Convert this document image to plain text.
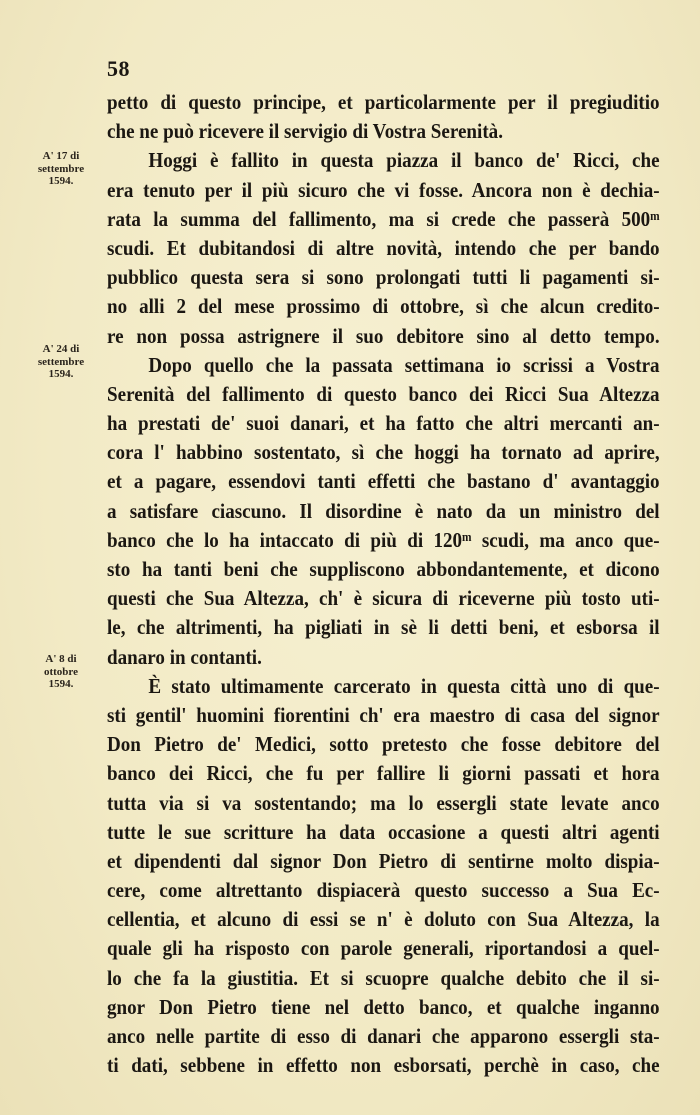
58
A' 17 di
settembre
1594.
A' 24 di
settembre
1594.
A' 8 di
ottobre
1594.
petto di questo principe, et particolarmente per il pregiuditio
che ne può ricevere il servigio di Vostra Serenità.
Hoggi è fallito in questa piazza il banco de' Ricci, che
era tenuto per il più sicuro che vi fosse. Ancora non è dechia-
rata la summa del fallimento, ma si crede che passerà 500ᵐ
scudi. Et dubitandosi di altre novità, intendo che per bando
pubblico questa sera si sono prolongati tutti li pagamenti si-
no alli 2 del mese prossimo di ottobre, sì che alcun credito-
re non possa astrignere il suo debitore sino al detto tempo.
Dopo quello che la passata settimana io scrissi a Vostra
Serenità del fallimento di questo banco dei Ricci Sua Altezza
ha prestati de' suoi danari, et ha fatto che altri mercanti an-
cora l' habbino sostentato, sì che hoggi ha tornato ad aprire,
et a pagare, essendovi tanti effetti che bastano d' avantaggio
a satisfare ciascuno. Il disordine è nato da un ministro del
banco che lo ha intaccato di più di 120ᵐ scudi, ma anco que-
sto ha tanti beni che suppliscono abbondantemente, et dicono
questi che Sua Altezza, ch' è sicura di riceverne più tosto uti-
le, che altrimenti, ha pigliati in sè li detti beni, et esborsa il
danaro in contanti.
È stato ultimamente carcerato in questa città uno di que-
sti gentil' huomini fiorentini ch' era maestro di casa del signor
Don Pietro de' Medici, sotto pretesto che fosse debitore del
banco dei Ricci, che fu per fallire li giorni passati et hora
tutta via si va sostentando; ma lo essergli state levate anco
tutte le sue scritture ha data occasione a questi altri agenti
et dipendenti dal signor Don Pietro di sentirne molto dispia-
cere, come altrettanto dispiacerà questo successo a Sua Ec-
cellentia, et alcuno di essi se n' è doluto con Sua Altezza, la
quale gli ha risposto con parole generali, riportandosi a quel-
lo che fa la giustitia. Et si scuopre qualche debito che il si-
gnor Don Pietro tiene nel detto banco, et qualche inganno
anco nelle partite di esso di danari che apparono essergli sta-
ti dati, sebbene in effetto non esborsati, perchè in caso, che
